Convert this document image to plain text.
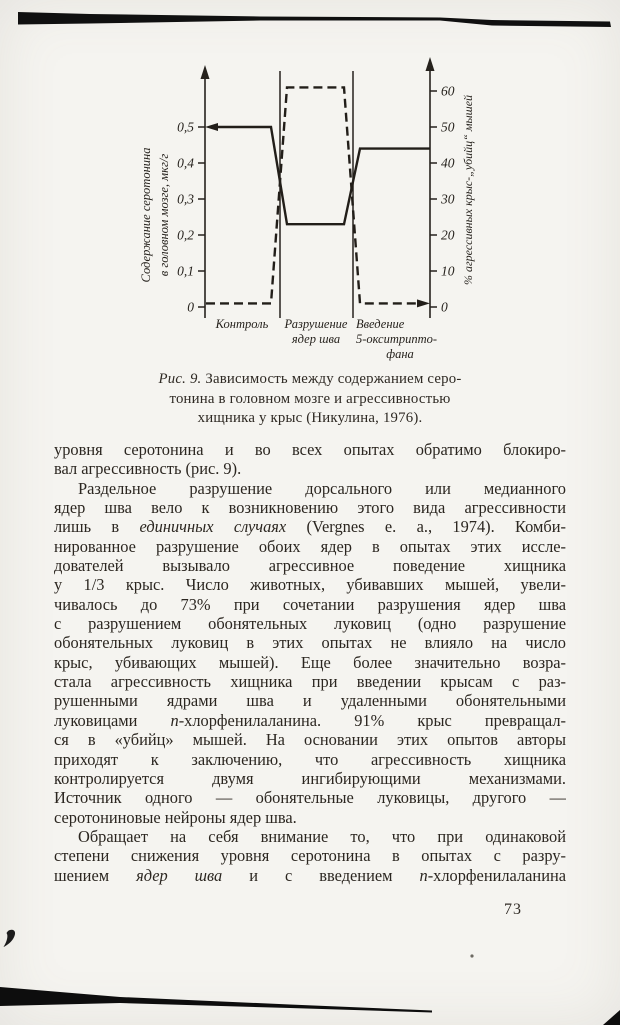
0
0,1
0,2
0,3
0,4
0,5
0
10
20
30
40
50
60
Контроль Разрушение
ядер шва
Введение
5-окситрипто-
фана
Содержание серотонина в головном мозге, мкг/г	% агрессивных крыс-„убийц“ мышей
Рис. 9. Зависимость между содержанием серо-
тонина в головном мозге и агрессивностью
хищника у крыс (Никулина, 1976).
уровня серотонина и во всех опытах обратимо блокиро-
вал агрессивность (рис. 9).
Раздельное разрушение дорсального или медианного
ядер шва вело к возникновению этого вида агрессивности
лишь в единичных случаях (Vergnes e. a., 1974). Комби-
нированное разрушение обоих ядер в опытах этих иссле-
дователей вызывало агрессивное поведение хищника
у 1/3 крыс. Число животных, убивавших мышей, увели-
чивалось до 73% при сочетании разрушения ядер шва
с разрушением обонятельных луковиц (одно разрушение
обонятельных луковиц в этих опытах не влияло на число
крыс, убивающих мышей). Еще более значительно возра-
стала агрессивность хищника при введении крысам с раз-
рушенными ядрами шва и удаленными обонятельными
луковицами n-хлорфенилаланина. 91% крыс превращал-
ся в «убийц» мышей. На основании этих опытов авторы
приходят к заключению, что агрессивность хищника
контролируется двумя ингибирующими механизмами.
Источник одного — обонятельные луковицы, другого —
серотониновые нейроны ядер шва.
Обращает на себя внимание то, что при одинаковой
степени снижения уровня серотонина в опытах с разру-
шением ядер шва и с введением n-хлорфенилаланина
73
